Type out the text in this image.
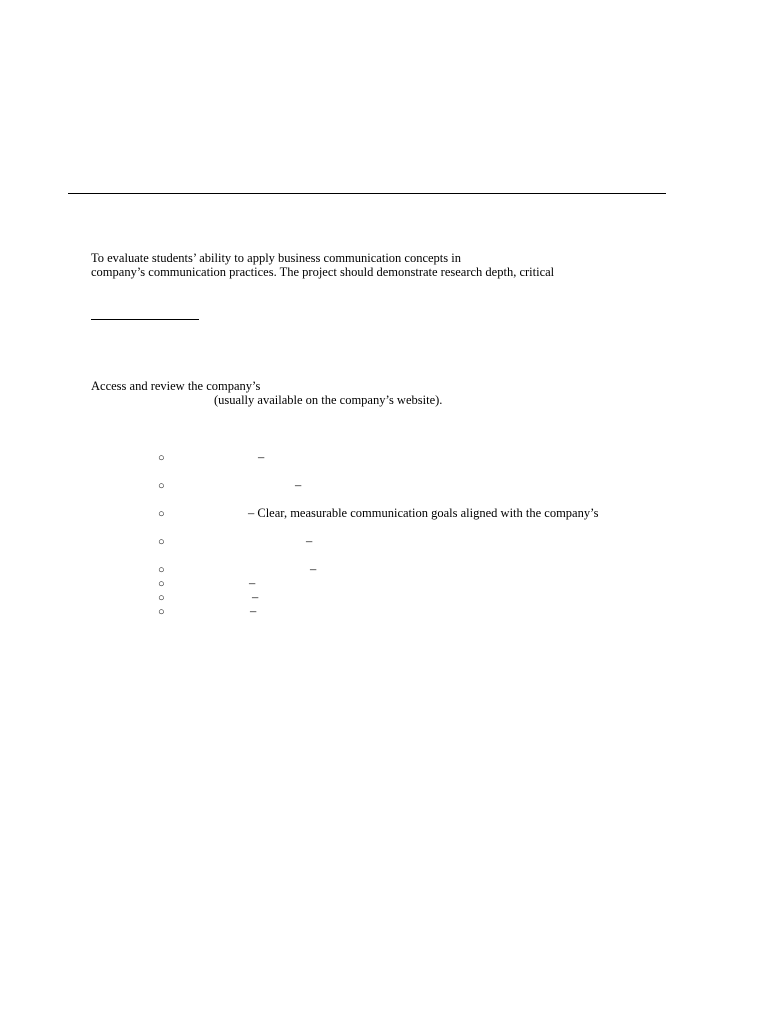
To evaluate students’ ability to apply business communication concepts in
company’s communication practices. The project should demonstrate research depth, critical
Access and review the company’s
(usually available on the company’s website).
○	–
○	–
○	– Clear, measurable communication goals aligned with the company’s
○	–
○	–
○	–
○	–
○	–
